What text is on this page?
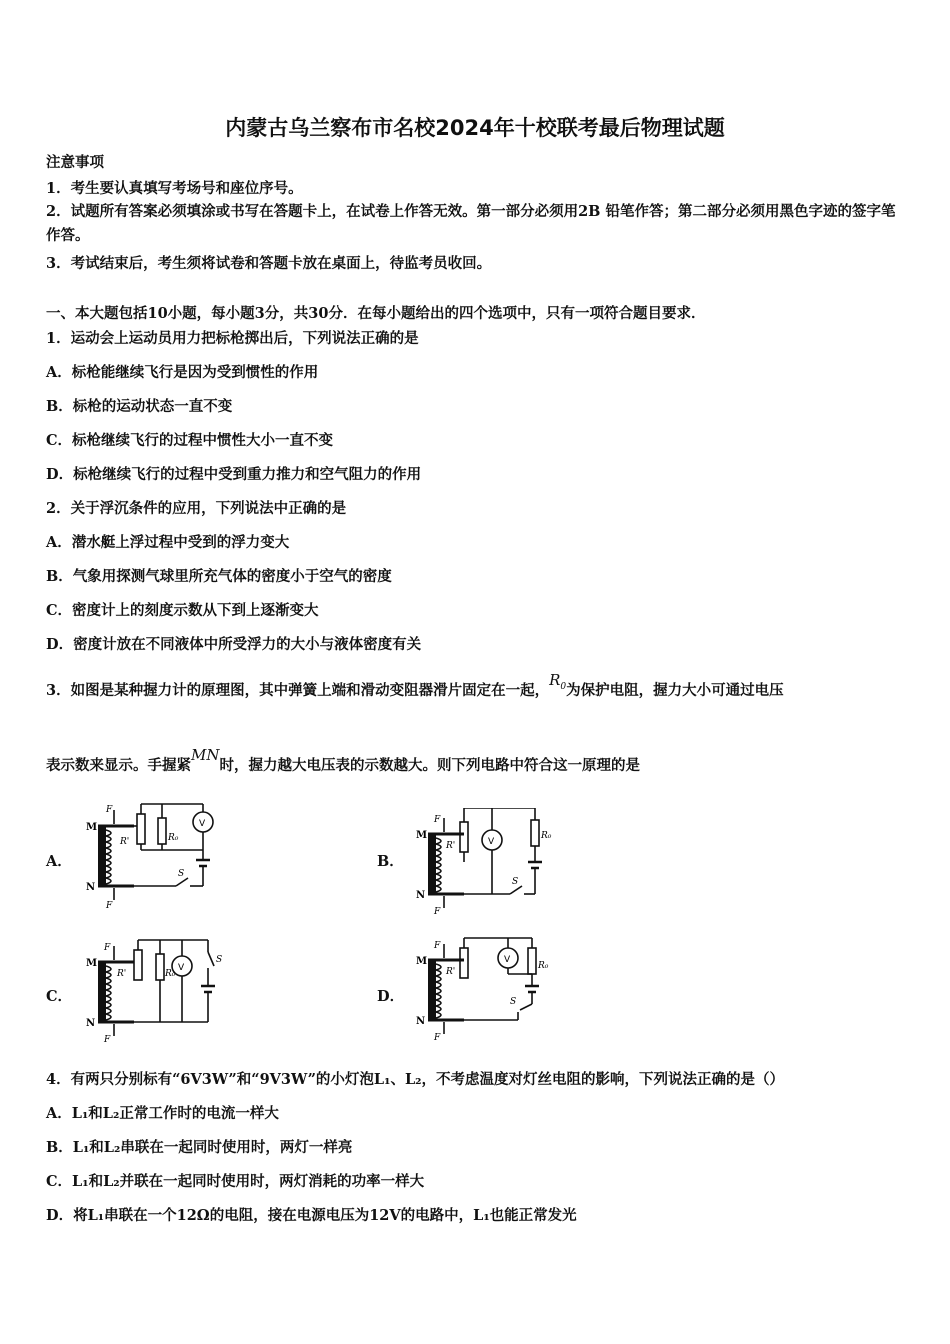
内蒙古乌兰察布市名校2024年十校联考最后物理试题
注意事项
1．考生要认真填写考场号和座位序号。
2．试题所有答案必须填涂或书写在答题卡上，在试卷上作答无效。第一部分必须用2B 铅笔作答；第二部分必须用黑色字迹的签字笔作答。
3．考试结束后，考生须将试卷和答题卡放在桌面上，待监考员收回。
一、本大题包括10小题，每小题3分，共30分．在每小题给出的四个选项中，只有一项符合题目要求．
1．运动会上运动员用力把标枪掷出后，下列说法正确的是
A．标枪能继续飞行是因为受到惯性的作用
B．标枪的运动状态一直不变
C．标枪继续飞行的过程中惯性大小一直不变
D．标枪继续飞行的过程中受到重力推力和空气阻力的作用
2．关于浮沉条件的应用，下列说法中正确的是
A．潜水艇上浮过程中受到的浮力变大
B．气象用探测气球里所充气体的密度小于空气的密度
C．密度计上的刻度示数从下到上逐渐变大
D．密度计放在不同液体中所受浮力的大小与液体密度有关
3．如图是某种握力计的原理图，其中弹簧上端和滑动变阻器滑片固定在一起，$R_0$为保护电阻，握力大小可通过电压
表示数来显示。手握紧MN时，握力越大电压表的示数越大。则下列电路中符合这一原理的是
A．	B．
C．	D．
M
N
F
F
R'	R₀
V
S
M
N
F
F
R'
R₀
V
S
M
N
F
F
R'	R₀
V
S	M
N
F
F
R'
R₀
V
S
4．有两只分别标有“6V3W”和“9V3W”的小灯泡L₁、L₂，不考虑温度对灯丝电阻的影响，下列说法正确的是（）
A．L₁和L₂正常工作时的电流一样大
B．L₁和L₂串联在一起同时使用时，两灯一样亮
C．L₁和L₂并联在一起同时使用时，两灯消耗的功率一样大
D．将L₁串联在一个12Ω的电阻，接在电源电压为12V的电路中，L₁也能正常发光
